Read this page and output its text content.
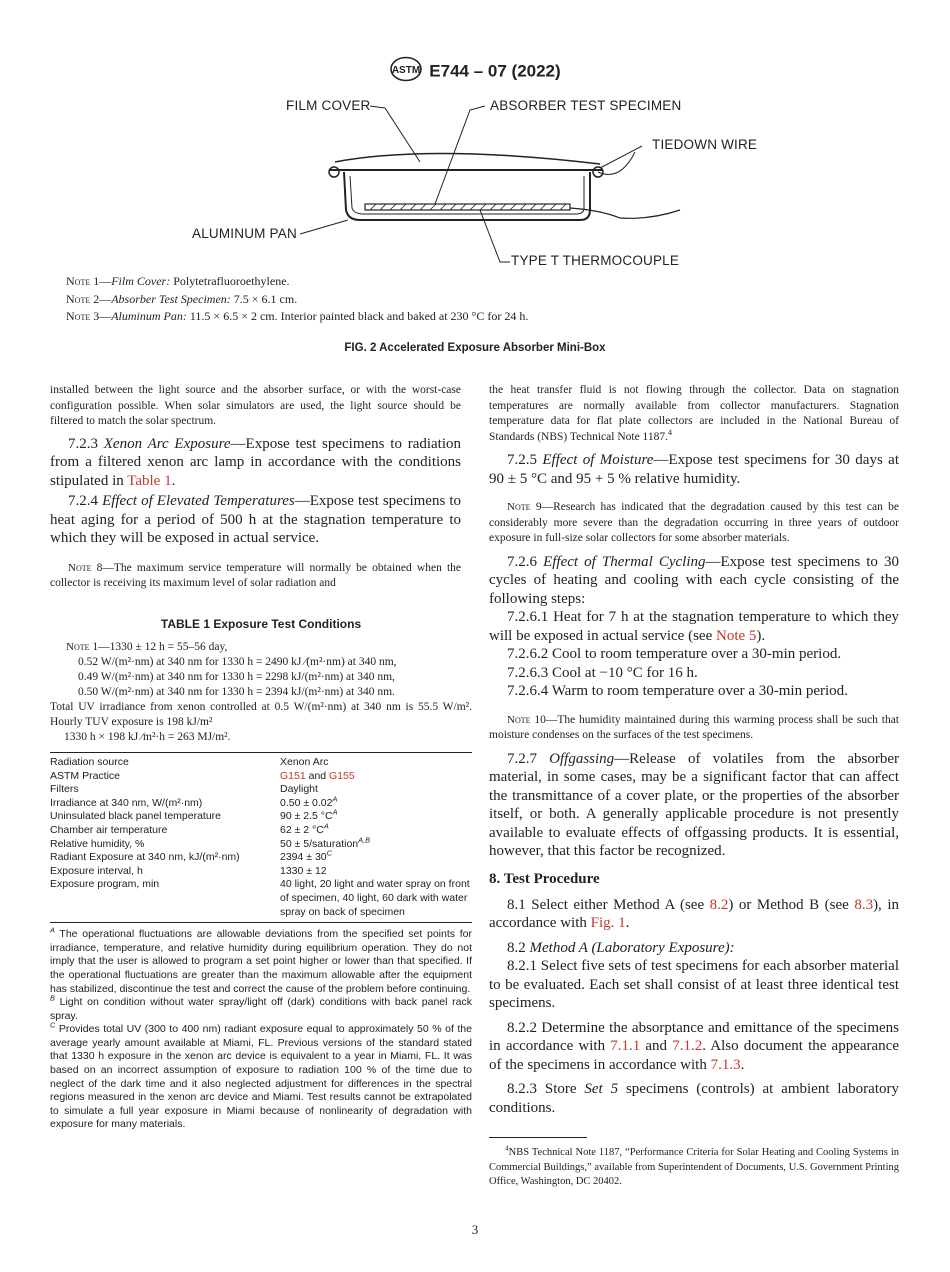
ASTM E744 – 07 (2022)
FILM COVER	ABSORBER TEST SPECIMEN
TIEDOWN WIRE
ALUMINUM PAN
TYPE T THERMOCOUPLE
Note 1—Film Cover: Polytetrafluoroethylene.
Note 2—Absorber Test Specimen: 7.5 × 6.1 cm.
Note 3—Aluminum Pan: 11.5 × 6.5 × 2 cm. Interior painted black and baked at 230 °C for 24 h.
FIG. 2 Accelerated Exposure Absorber Mini-Box
installed between the light source and the absorber surface, or with the worst-case configuration possible. When solar simulators are used, the light source should be filtered to match the solar spectrum.
7.2.3 Xenon Arc Exposure—Expose test specimens to radiation from a filtered xenon arc lamp in accordance with the conditions stipulated in Table 1.
7.2.4 Effect of Elevated Temperatures—Expose test specimens to heat aging for a period of 500 h at the stagnation temperature to which they will be exposed in actual service.
Note 8—The maximum service temperature will normally be obtained when the collector is receiving its maximum level of solar radiation and
TABLE 1 Exposure Test Conditions
Note 1—1330 ± 12 h = 55–56 day,
0.52 W/(m²·nm) at 340 nm for 1330 h = 2490 kJ ⁄(m²·nm) at 340 nm,
0.49 W/(m²·nm) at 340 nm for 1330 h = 2298 kJ/(m²·nm) at 340 nm,
0.50 W/(m²·nm) at 340 nm for 1330 h = 2394 kJ/(m²·nm) at 340 nm.
Total UV irradiance from xenon controlled at 0.5 W/(m²·nm) at 340 nm is 55.5 W/m². Hourly TUV exposure is 198 kJ/m²
1330 h × 198 kJ ⁄m²·h = 263 MJ/m².
Radiation source	Xenon Arc
ASTM Practice	G151 and G155
Filters	Daylight
Irradiance at 340 nm, W/(m²·nm)	$0.50 \pm 0.02^A$
Uninsulated black panel temperature	90 ± 2.5 $^\circ C^A$
Chamber air temperature	62 ± 2 $^\circ C^A$
Relative humidity, %	50 ± 5/saturation$^{A,B}$
Radiant Exposure at 340 nm, kJ/(m²·nm)	$2394 \pm 30^C$
Exposure interval, h	1330 ± 12
Exposure program, min	40 light, 20 light and water spray on front of specimen, 40 light, 60 dark with water spray on back of specimen
$^A$ The operational fluctuations are allowable deviations from the specified set points for irradiance, temperature, and relative humidity during equilibrium operation. They do not imply that the user is allowed to program a set point higher or lower than that specified. If the operational fluctuations are greater than the maximum allowable after the equipment has stabilized, discontinue the test and correct the cause of the problem before continuing.
$^B$ Light on condition without water spray/light off (dark) conditions with back panel rack spray.
$^C$ Provides total UV (300 to 400 nm) radiant exposure equal to approximately 50 % of the average yearly amount available at Miami, FL. Previous versions of the standard stated that 1330 h exposure in the xenon arc device is equivalent to a year in Miami, FL. It was based on an incorrect assumption of exposure to radiation 100 % of the time due to neglect of the dark time and it also neglected adjustment for differences in the spectral regions measured in the xenon arc device and Miami. Test results cannot be extrapolated to simulate a full year exposure in Miami because of nonlinearity of degradation with exposure for many materials.
the heat transfer fluid is not flowing through the collector. Data on stagnation temperatures are normally available from collector manufacturers. Stagnation temperature data for flat plate collectors are included in the National Bureau of Standards (NBS) Technical Note 1187.$^4$
7.2.5 Effect of Moisture—Expose test specimens for 30 days at 90 ± 5 °C and 95 + 5 % relative humidity.
Note 9—Research has indicated that the degradation caused by this test can be considerably more severe than the degradation occurring in three years of outdoor exposure in full-size solar collectors for some absorber materials.
7.2.6 Effect of Thermal Cycling—Expose test specimens to 30 cycles of heating and cooling with each cycle consisting of the following steps:
7.2.6.1 Heat for 7 h at the stagnation temperature to which they will be exposed in actual service (see Note 5).
7.2.6.2 Cool to room temperature over a 30-min period.
7.2.6.3 Cool at −10 °C for 16 h.
7.2.6.4 Warm to room temperature over a 30-min period.
Note 10—The humidity maintained during this warming process shall be such that moisture condenses on the surfaces of the test specimens.
7.2.7 Offgassing—Release of volatiles from the absorber material, in some cases, may be a significant factor that can affect the transmittance of a cover plate, or the properties of the absorber itself, or both. A generally applicable procedure is not presently available to evaluate effects of offgassing products. It is essential, however, that this factor be recognized.
8. Test Procedure
8.1 Select either Method A (see 8.2) or Method B (see 8.3), in accordance with Fig. 1.
8.2 Method A (Laboratory Exposure):
8.2.1 Select five sets of test specimens for each absorber material to be evaluated. Each set shall consist of at least three identical test specimens.
8.2.2 Determine the absorptance and emittance of the specimens in accordance with 7.1.1 and 7.1.2. Also document the appearance of the specimens in accordance with 7.1.3.
8.2.3 Store Set 5 specimens (controls) at ambient laboratory conditions.
$^4$NBS Technical Note 1187, “Performance Criteria for Solar Heating and Cooling Systems in Commercial Buildings,” available from Superintendent of Documents, U.S. Government Printing Office, Washington, DC 20402.
3
